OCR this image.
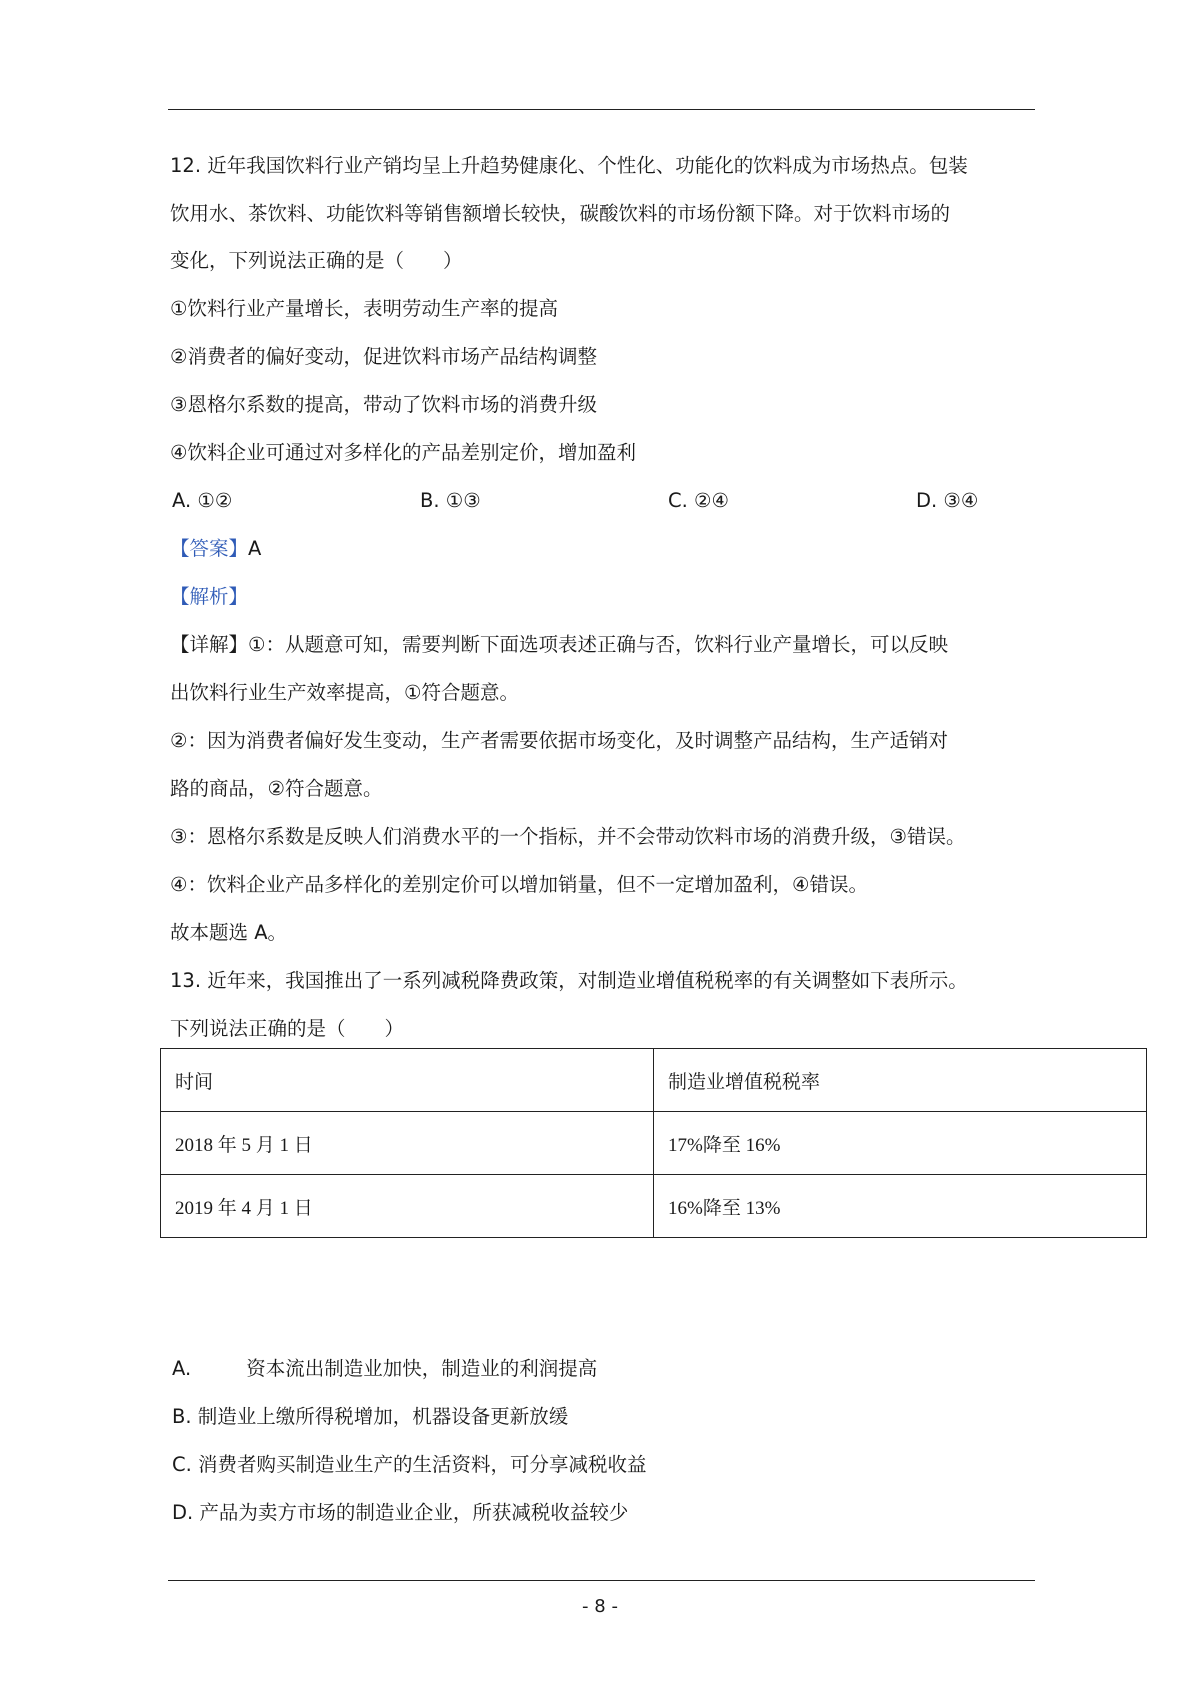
12. 近年我国饮料行业产销均呈上升趋势健康化、个性化、功能化的饮料成为市场热点。包装
饮用水、茶饮料、功能饮料等销售额增长较快，碳酸饮料的市场份额下降。对于饮料市场的
变化，下列说法正确的是（　　）
①饮料行业产量增长，表明劳动生产率的提高
②消费者的偏好变动，促进饮料市场产品结构调整
③恩格尔系数的提高，带动了饮料市场的消费升级
④饮料企业可通过对多样化的产品差别定价，增加盈利
A. ①②	B. ①③	C. ②④	D. ③④
【答案】A
【解析】
【详解】①：从题意可知，需要判断下面选项表述正确与否，饮料行业产量增长，可以反映
出饮料行业生产效率提高，①符合题意。
②：因为消费者偏好发生变动，生产者需要依据市场变化，及时调整产品结构，生产适销对
路的商品，②符合题意。
③：恩格尔系数是反映人们消费水平的一个指标，并不会带动饮料市场的消费升级，③错误。
④：饮料企业产品多样化的差别定价可以增加销量，但不一定增加盈利，④错误。
故本题选 A。
13. 近年来，我国推出了一系列减税降费政策，对制造业增值税税率的有关调整如下表所示。
下列说法正确的是（　　）
时间	制造业增值税税率
2018 年 5 月 1 日	17%降至 16%
2019 年 4 月 1 日	16%降至 13%
A.	资本流出制造业加快，制造业的利润提高
B. 制造业上缴所得税增加，机器设备更新放缓
C. 消费者购买制造业生产的生活资料，可分享减税收益
D. 产品为卖方市场的制造业企业，所获减税收益较少
- 8 -
